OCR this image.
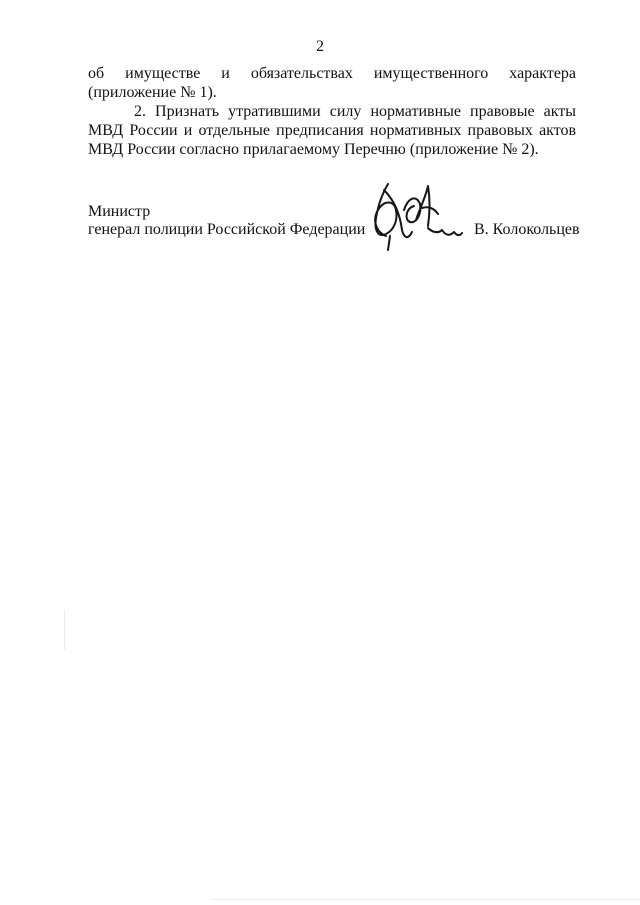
2
об имуществе и обязательствах имущественного характера
(приложение № 1).
2. Признать утратившими силу нормативные правовые акты
МВД России и отдельные предписания нормативных правовых актов
МВД России согласно прилагаемому Перечню (приложение № 2).
Министр
генерал полиции Российской Федерации	В. Колокольцев
